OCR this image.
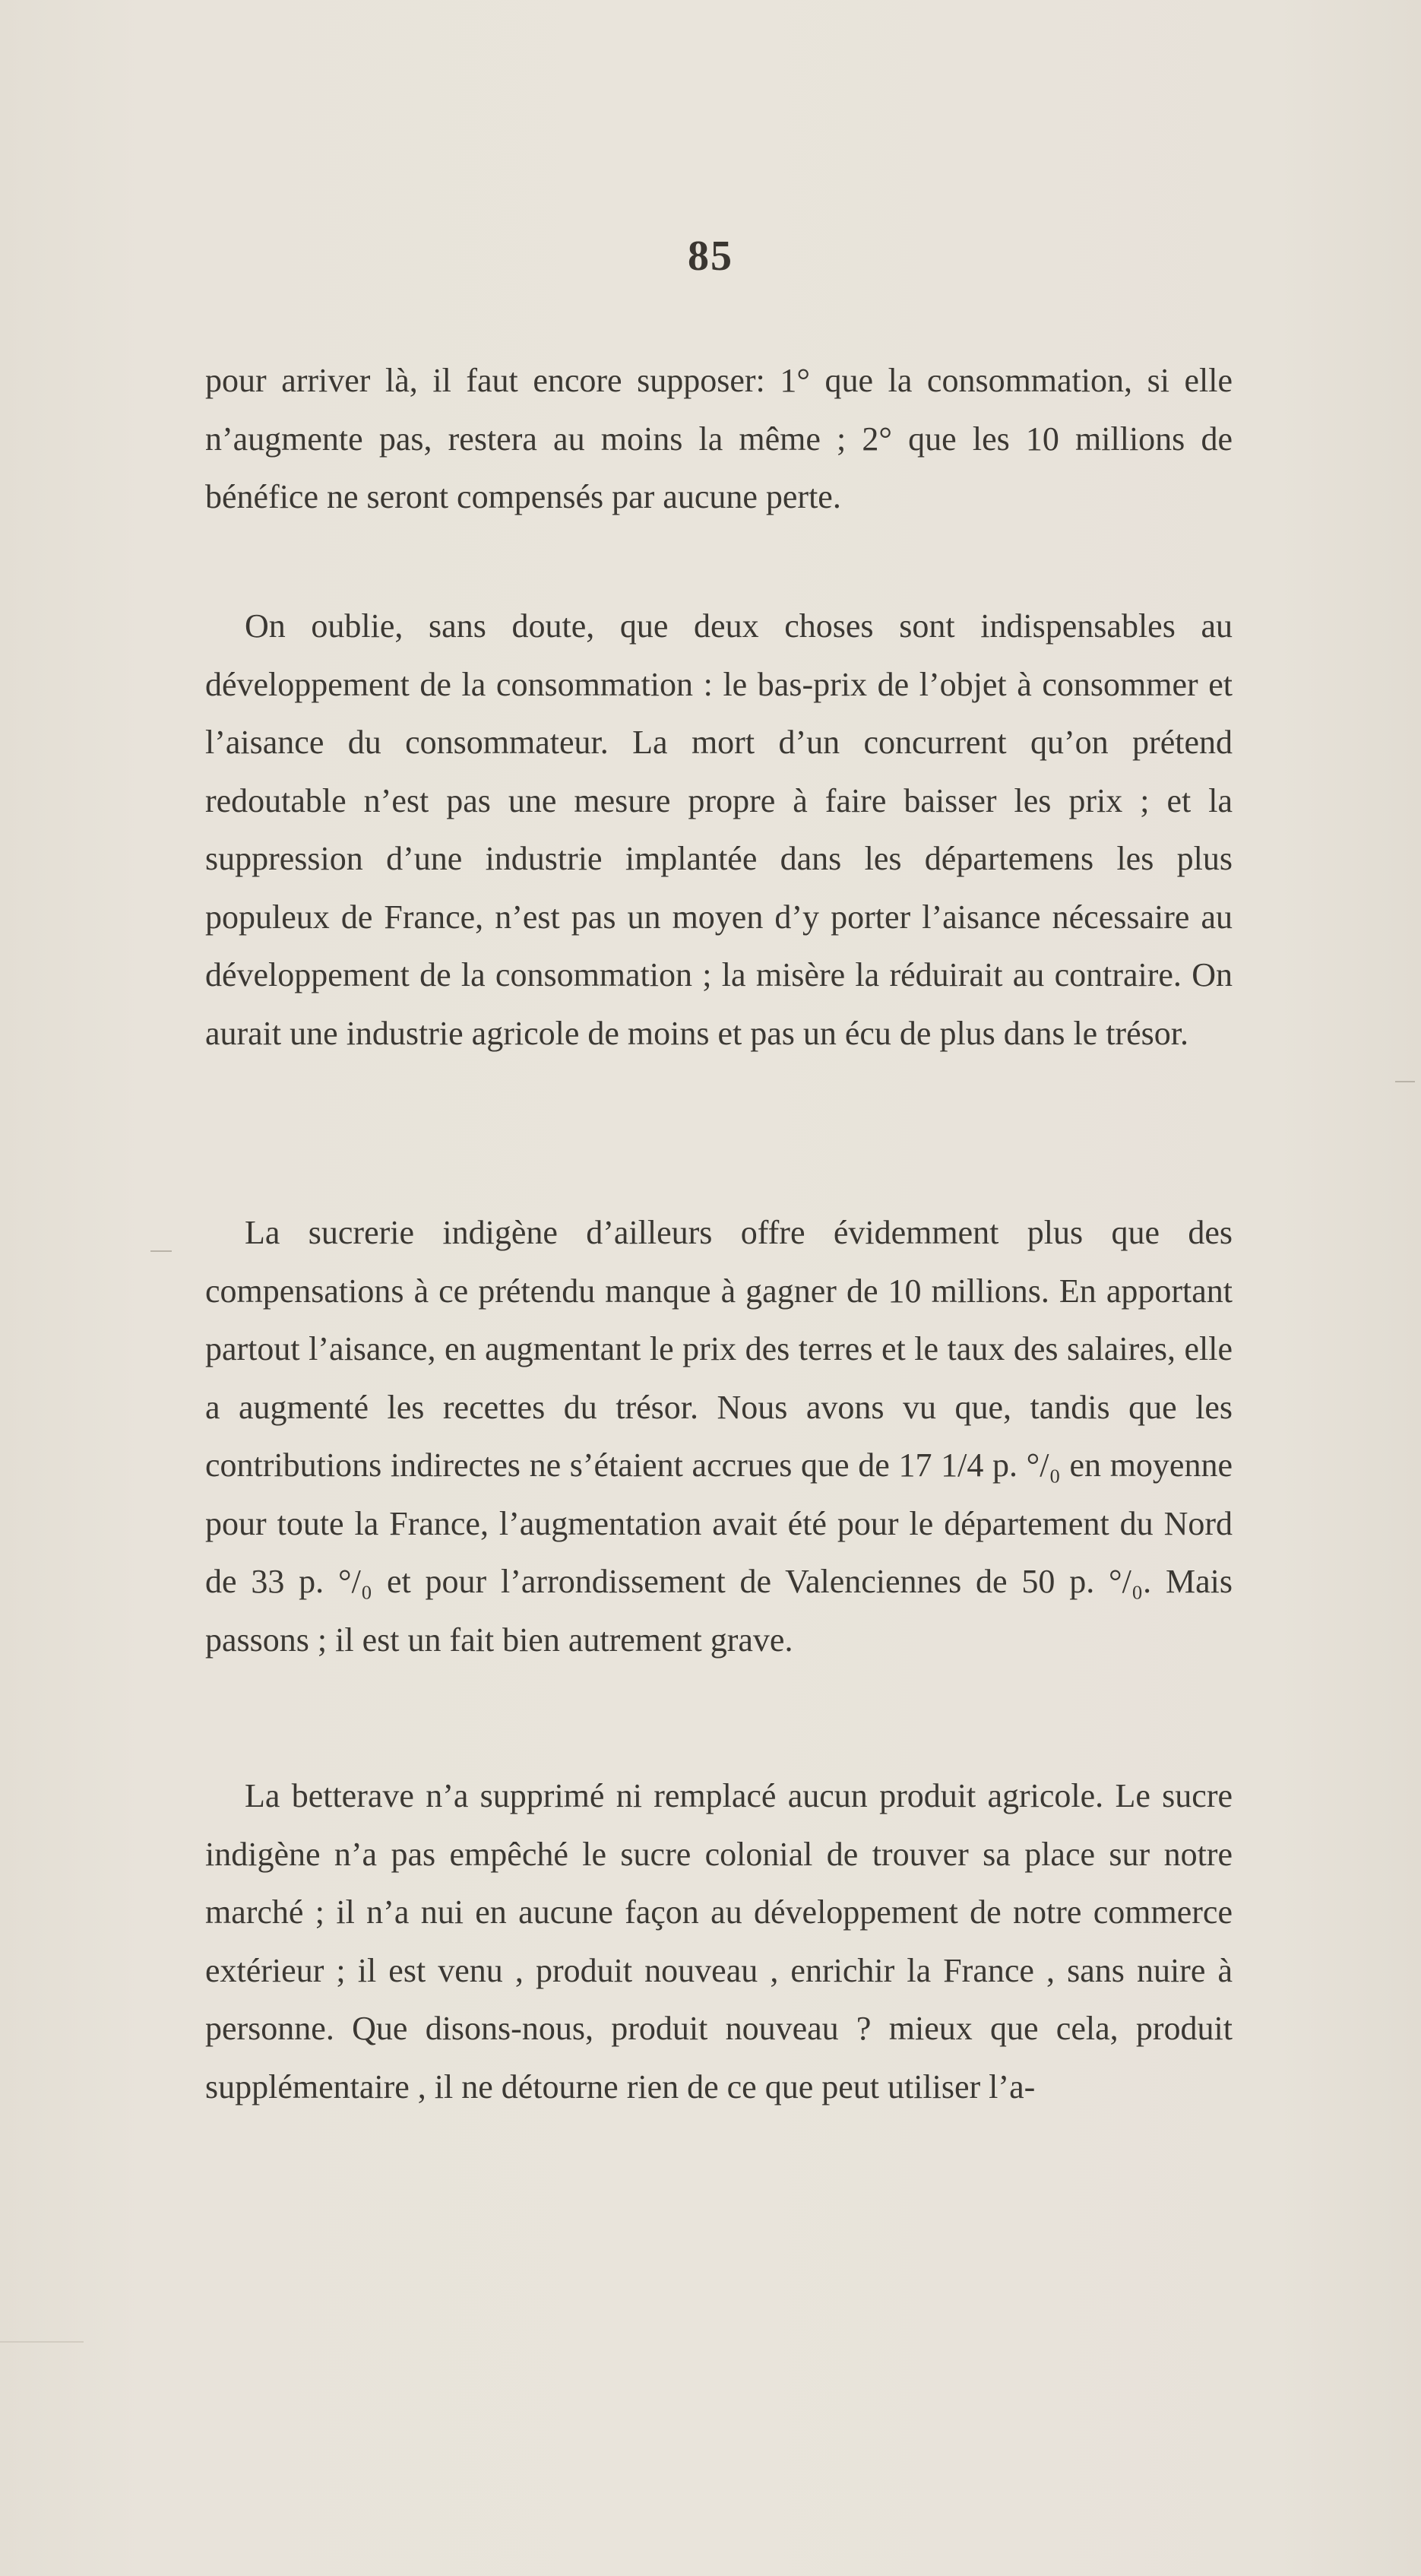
85

pour arriver là, il faut encore supposer: 1° que la consommation, si elle n’augmente pas, restera au moins la même ; 2° que les 10 millions de bénéfice ne seront compensés par aucune perte.

On oublie, sans doute, que deux choses sont indispensables au développement de la consommation : le bas-prix de l’objet à consommer et l’aisance du consommateur. La mort d’un concurrent qu’on prétend redoutable n’est pas une mesure propre à faire baisser les prix ; et la suppression d’une industrie implantée dans les départemens les plus populeux de France, n’est pas un moyen d’y porter l’aisance nécessaire au développement de la consommation ; la misère la réduirait au contraire. On aurait une industrie agricole de moins et pas un écu de plus dans le trésor.

La sucrerie indigène d’ailleurs offre évidemment plus que des compensations à ce prétendu manque à gagner de 10 millions. En apportant partout l’aisance, en augmentant le prix des terres et le taux des salaires, elle a augmenté les recettes du trésor. Nous avons vu que, tandis que les contributions indirectes ne s’étaient accrues que de 17 1/4 p. °/₀ en moyenne pour toute la France, l’augmentation avait été pour le département du Nord de 33 p. °/₀ et pour l’arrondissement de Valenciennes de 50 p. °/₀. Mais passons ; il est un fait bien autrement grave.

La betterave n’a supprimé ni remplacé aucun produit agricole. Le sucre indigène n’a pas empêché le sucre colonial de trouver sa place sur notre marché ; il n’a nui en aucune façon au développement de notre commerce extérieur ; il est venu , produit nouveau , enrichir la France , sans nuire à personne. Que disons-nous, produit nouveau ? mieux que cela, produit supplémentaire , il ne détourne rien de ce que peut utiliser l’a-
